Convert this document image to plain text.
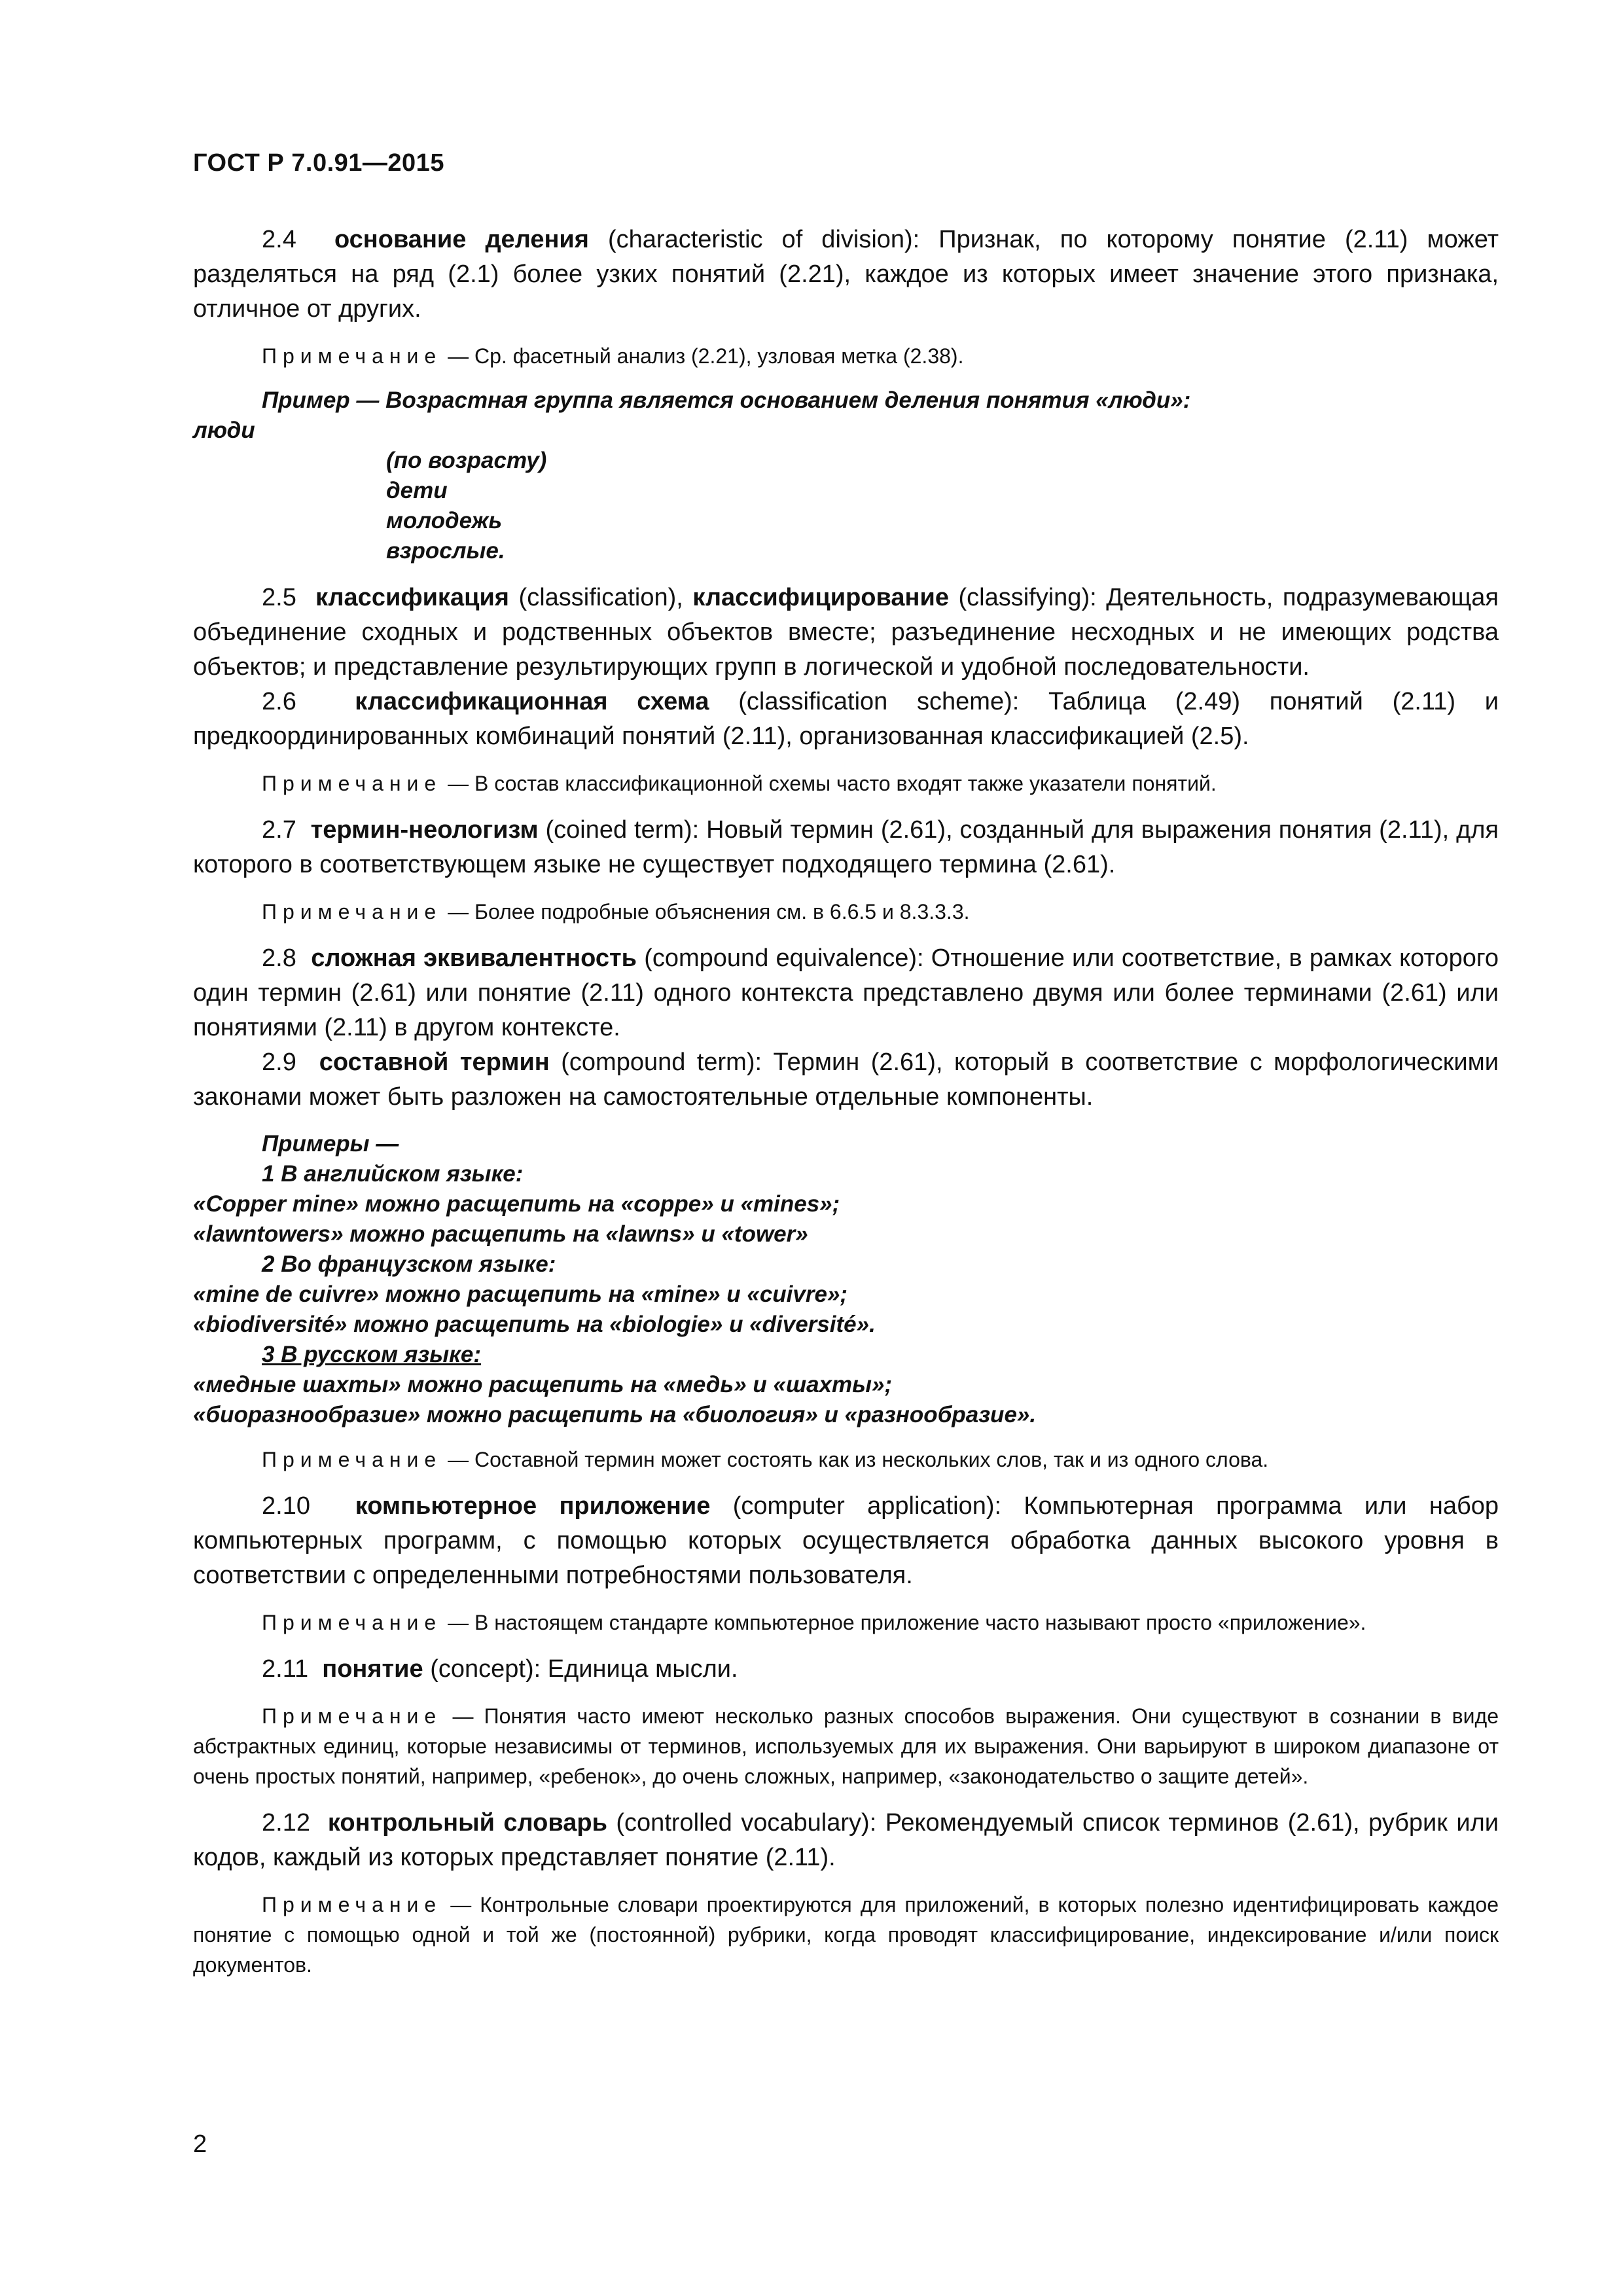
ГОСТ Р 7.0.91—2015

2.4 основание деления (characteristic of division): Признак, по которому понятие (2.11) может разделяться на ряд (2.1) более узких понятий (2.21), каждое из которых имеет значение этого признака, отличное от других.

Примечание — Ср. фасетный анализ (2.21), узловая метка (2.38).

Пример — Возрастная группа является основанием деления понятия «люди»:

люди

(по возрасту)

дети

молодежь

взрослые.

2.5 классификация (classification), классифицирование (classifying): Деятельность, подразумевающая объединение сходных и родственных объектов вместе; разъединение несходных и не имеющих родства объектов; и представление результирующих групп в логической и удобной последовательности.

2.6 классификационная схема (classification scheme): Таблица (2.49) понятий (2.11) и предкоординированных комбинаций понятий (2.11), организованная классификацией (2.5).

Примечание — В состав классификационной схемы часто входят также указатели понятий.

2.7 термин-неологизм (coined term): Новый термин (2.61), созданный для выражения понятия (2.11), для которого в соответствующем языке не существует подходящего термина (2.61).

Примечание — Более подробные объяснения см. в 6.6.5 и 8.3.3.3.

2.8 сложная эквивалентность (compound equivalence): Отношение или соответствие, в рамках которого один термин (2.61) или понятие (2.11) одного контекста представлено двумя или более терминами (2.61) или понятиями (2.11) в другом контексте.

2.9 составной термин (compound term): Термин (2.61), который в соответствие с морфологическими законами может быть разложен на самостоятельные отдельные компоненты.

Примеры —

1 В английском языке:

«Copper mine» можно расщепить на «coppe» и «mines»;

«lawntowers» можно расщепить на «lawns» и «tower»

2 Во французском языке:

«mine de cuivre» можно расщепить на «mine» и «cuivre»;

«biodiversité» можно расщепить на «biologie» и «diversité».

3 В русском языке:

«медные шахты» можно расщепить на «медь» и «шахты»;

«биоразнообразие» можно расщепить на «биология» и «разнообразие».

Примечание — Составной термин может состоять как из нескольких слов, так и из одного слова.

2.10 компьютерное приложение (computer application): Компьютерная программа или набор компьютерных программ, с помощью которых осуществляется обработка данных высокого уровня в соответствии с определенными потребностями пользователя.

Примечание — В настоящем стандарте компьютерное приложение часто называют просто «приложение».

2.11 понятие (concept): Единица мысли.

Примечание — Понятия часто имеют несколько разных способов выражения. Они существуют в сознании в виде абстрактных единиц, которые независимы от терминов, используемых для их выражения. Они варьируют в широком диапазоне от очень простых понятий, например, «ребенок», до очень сложных, например, «законодательство о защите детей».

2.12 контрольный словарь (controlled vocabulary): Рекомендуемый список терминов (2.61), рубрик или кодов, каждый из которых представляет понятие (2.11).

Примечание — Контрольные словари проектируются для приложений, в которых полезно идентифицировать каждое понятие с помощью одной и той же (постоянной) рубрики, когда проводят классифицирование, индексирование и/или поиск документов.

2
